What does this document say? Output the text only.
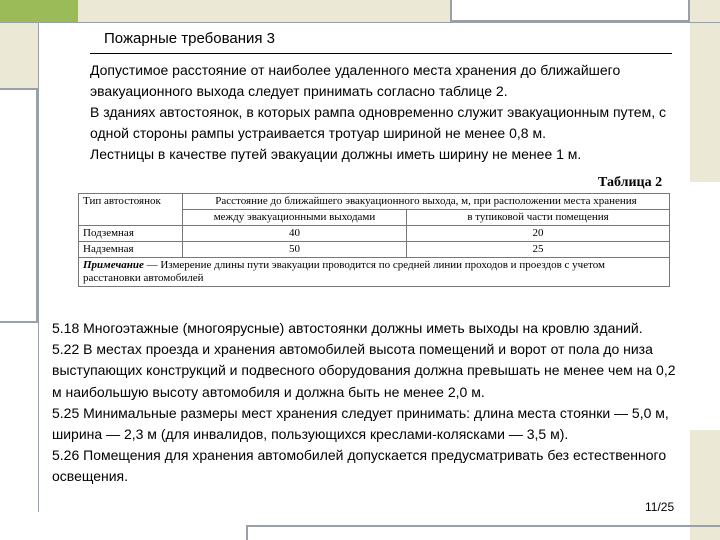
Пожарные требования 3

Допустимое расстояние от наиболее удаленного места хранения до ближайшего эвакуационного выхода следует принимать согласно таблице 2.

В зданиях автостоянок, в которых рампа одновременно служит эвакуационным путем, с одной стороны рампы устраивается тротуар шириной не менее 0,8 м.

Лестницы в качестве путей эвакуации должны иметь ширину не менее 1 м.

Таблица 2
Тип автостоянок	Расстояние до ближайшего эвакуационного выхода, м, при расположении места хранения	
	между эвакуационными выходами	в тупиковой части помещения
Подземная	40	20
Надземная	50	25
Примечание — Измерение длины пути эвакуации проводится по средней линии проходов и проездов с учетом расстановки автомобилей		

5.18 Многоэтажные (многоярусные) автостоянки должны иметь выходы на кровлю зданий.

5.22 В местах проезда и хранения автомобилей высота помещений и ворот от пола до низа выступающих конструкций и подвесного оборудования должна превышать не менее чем на 0,2 м наибольшую высоту автомобиля и должна быть не менее 2,0 м.

5.25 Минимальные размеры мест хранения следует принимать: длина места стоянки — 5,0 м, ширина — 2,3 м (для инвалидов, пользующихся креслами-колясками — 3,5 м).

5.26 Помещения для хранения автомобилей допускается предусматривать без естественного освещения.

11/25
